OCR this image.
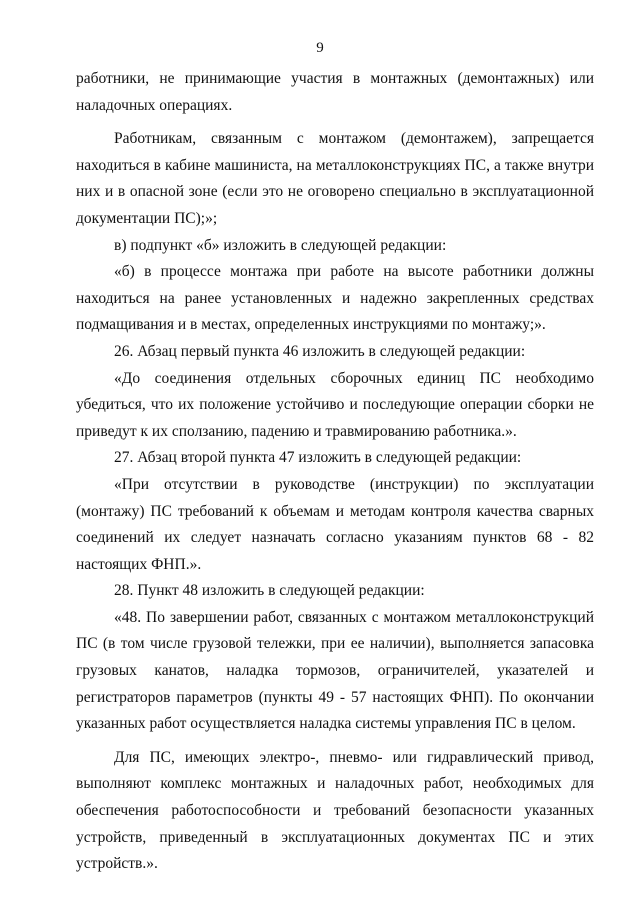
9

работники, не принимающие участия в монтажных (демонтажных) или наладочных операциях.

Работникам, связанным с монтажом (демонтажем), запрещается находиться в кабине машиниста, на металлоконструкциях ПС, а также внутри них и в опасной зоне (если это не оговорено специально в эксплуатационной документации ПС);»;

в) подпункт «б» изложить в следующей редакции:

«б) в процессе монтажа при работе на высоте работники должны находиться на ранее установленных и надежно закрепленных средствах подмащивания и в местах, определенных инструкциями по монтажу;».

26. Абзац первый пункта 46 изложить в следующей редакции:

«До соединения отдельных сборочных единиц ПС необходимо убедиться, что их положение устойчиво и последующие операции сборки не приведут к их сползанию, падению и травмированию работника.».

27. Абзац второй пункта 47 изложить в следующей редакции:

«При отсутствии в руководстве (инструкции) по эксплуатации (монтажу) ПС требований к объемам и методам контроля качества сварных соединений их следует назначать согласно указаниям пунктов 68 - 82 настоящих ФНП.».

28. Пункт 48 изложить в следующей редакции:

«48. По завершении работ, связанных с монтажом металлоконструкций ПС (в том числе грузовой тележки, при ее наличии), выполняется запасовка грузовых канатов, наладка тормозов, ограничителей, указателей и регистраторов параметров (пункты 49 - 57 настоящих ФНП). По окончании указанных работ осуществляется наладка системы управления ПС в целом.

Для ПС, имеющих электро-, пневмо- или гидравлический привод, выполняют комплекс монтажных и наладочных работ, необходимых для обеспечения работоспособности и требований безопасности указанных устройств, приведенный в эксплуатационных документах ПС и этих устройств.».
